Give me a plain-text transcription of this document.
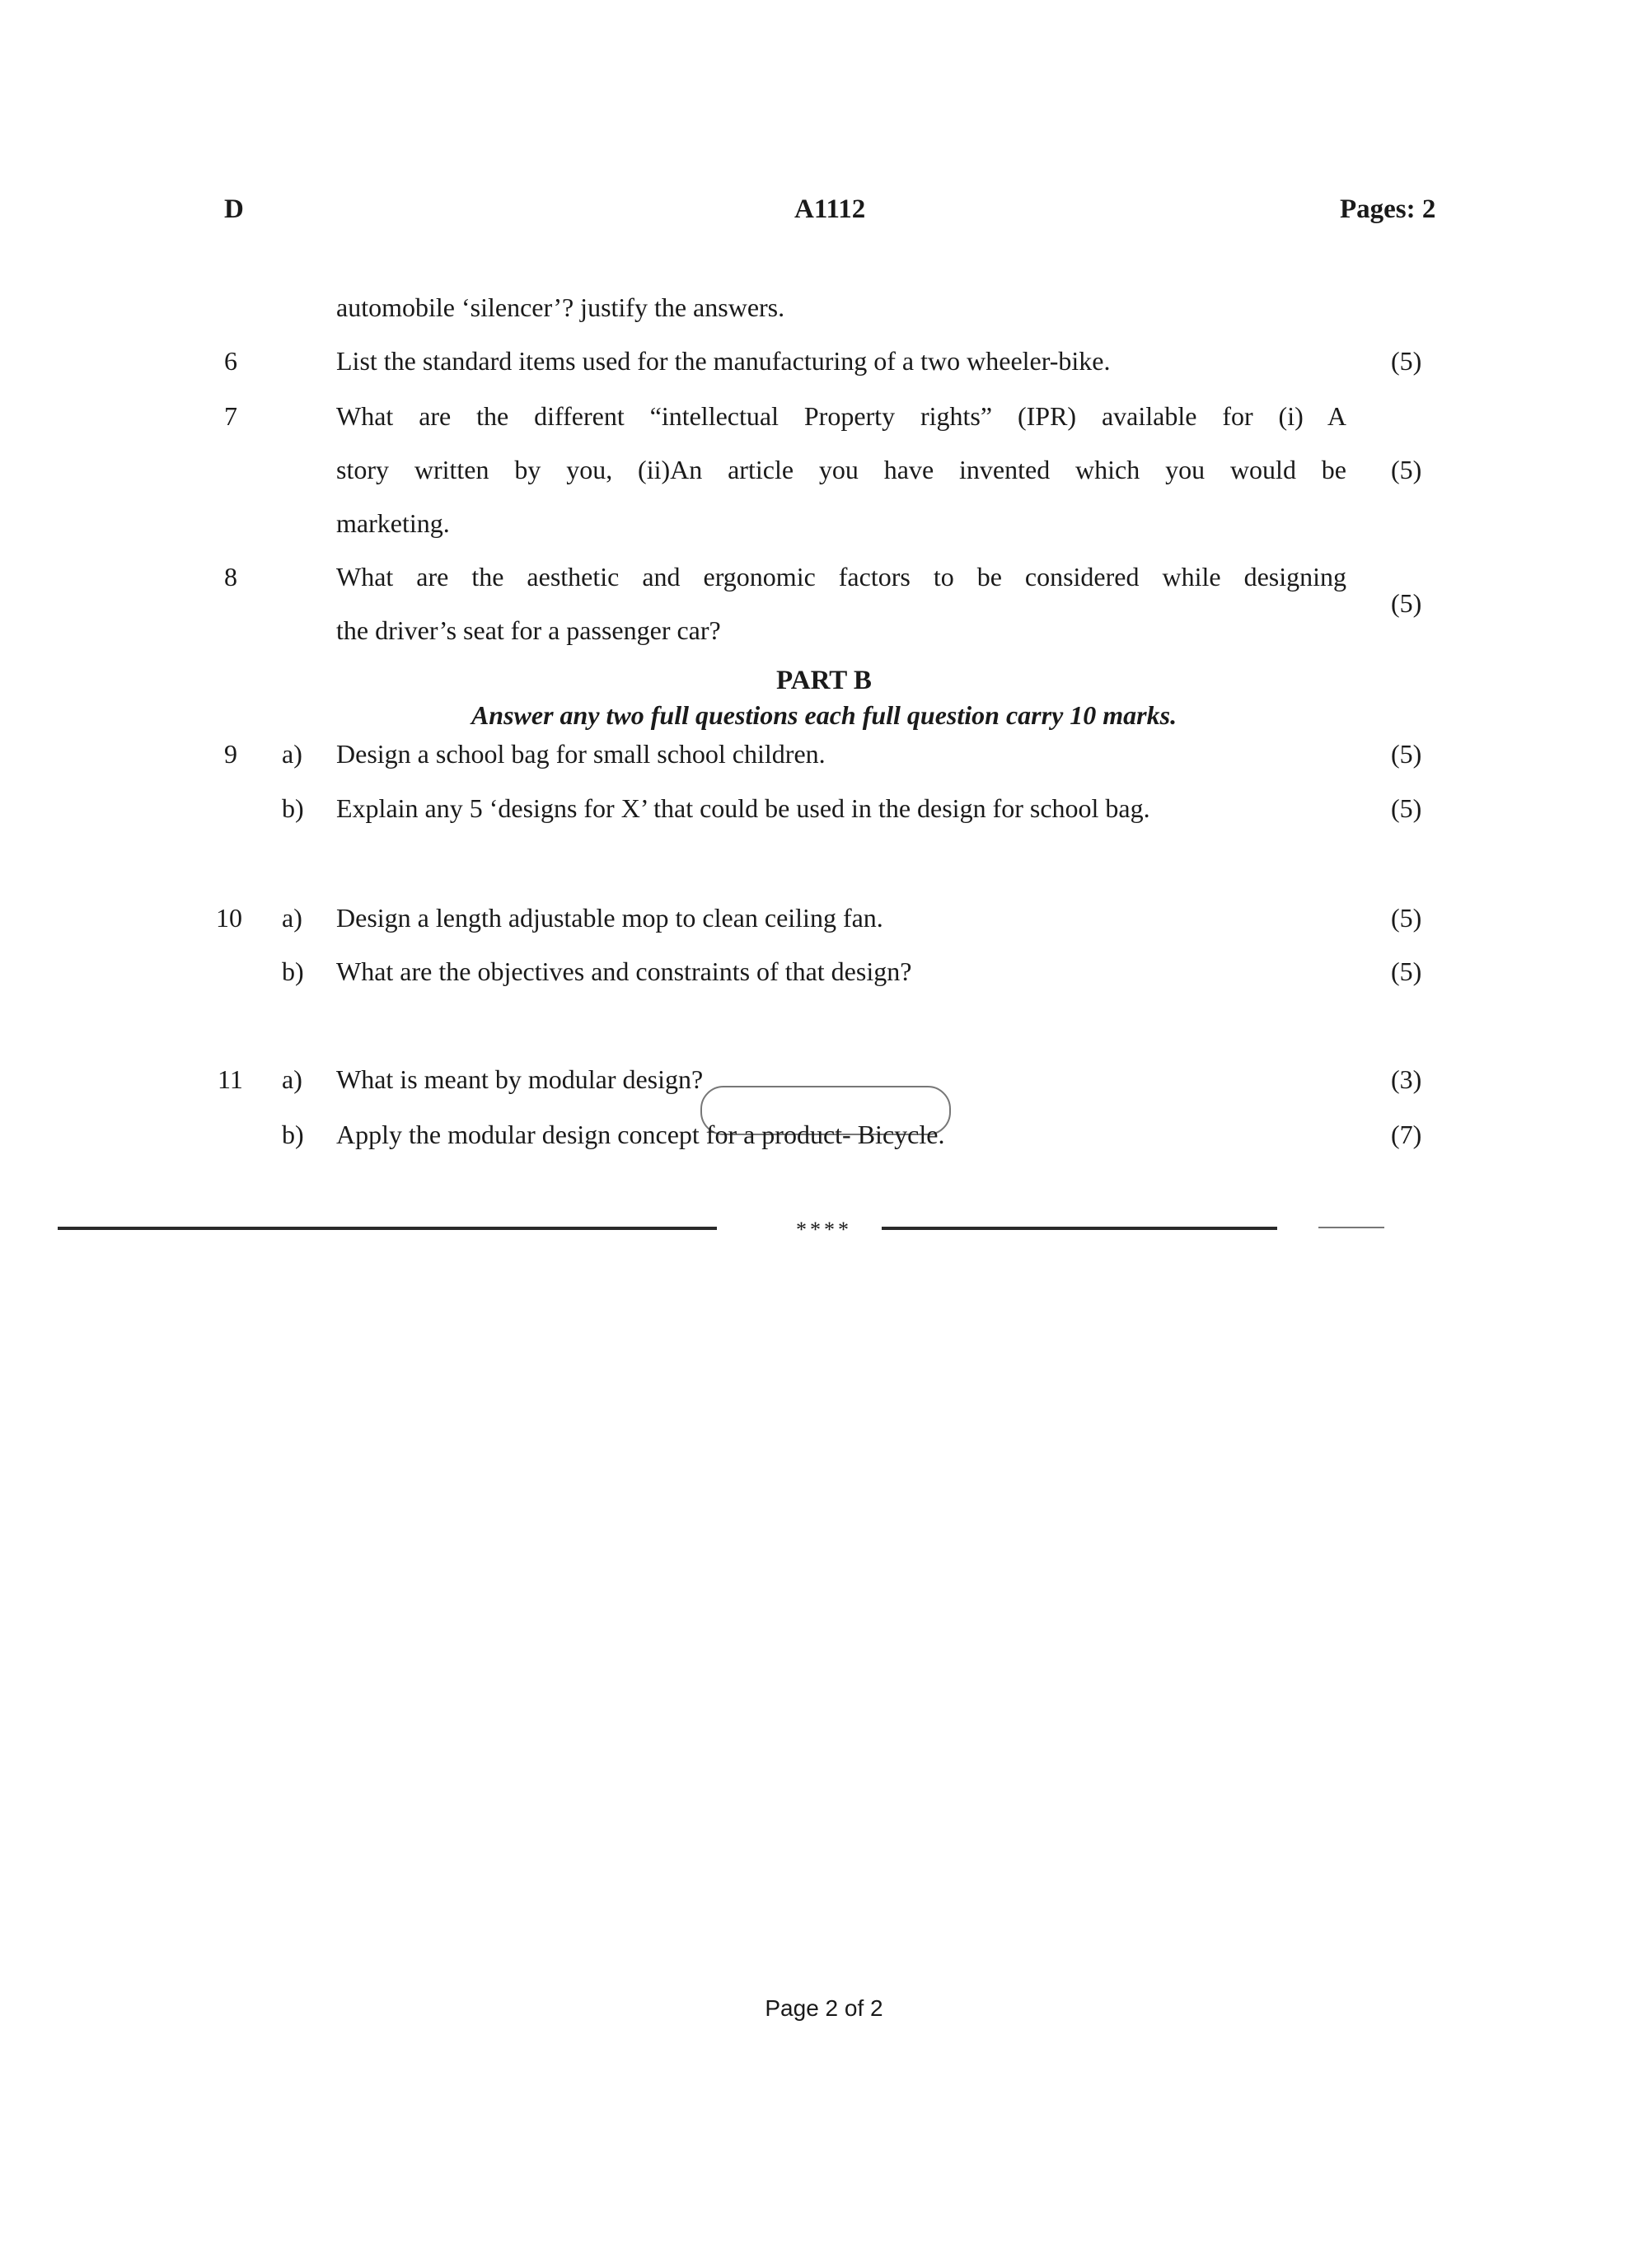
D	A1112	Pages: 2
automobile ‘silencer’? justify the answers.
6	List the standard items used for the manufacturing of a two wheeler-bike.	(5)
7	What are the different “intellectual Property rights” (IPR) available for (i) A
story written by you, (ii)An article you have invented which you would be (5)
marketing.
8	What are the aesthetic and ergonomic factors to be considered while designing
the driver’s seat for a passenger car?
(5)
PART B
Answer any two full questions each full question carry 10 marks.
9 a) Design a school bag for small school children.	(5)
b) Explain any 5 ‘designs for X’ that could be used in the design for school bag.	(5)
10 a) Design a length adjustable mop to clean ceiling fan.	(5)
b) What are the objectives and constraints of that design?	(5)
11 a) What is meant by modular design?	(3)
b) Apply the modular design concept for a product- Bicycle.	(7)
****
Page 2 of 2
